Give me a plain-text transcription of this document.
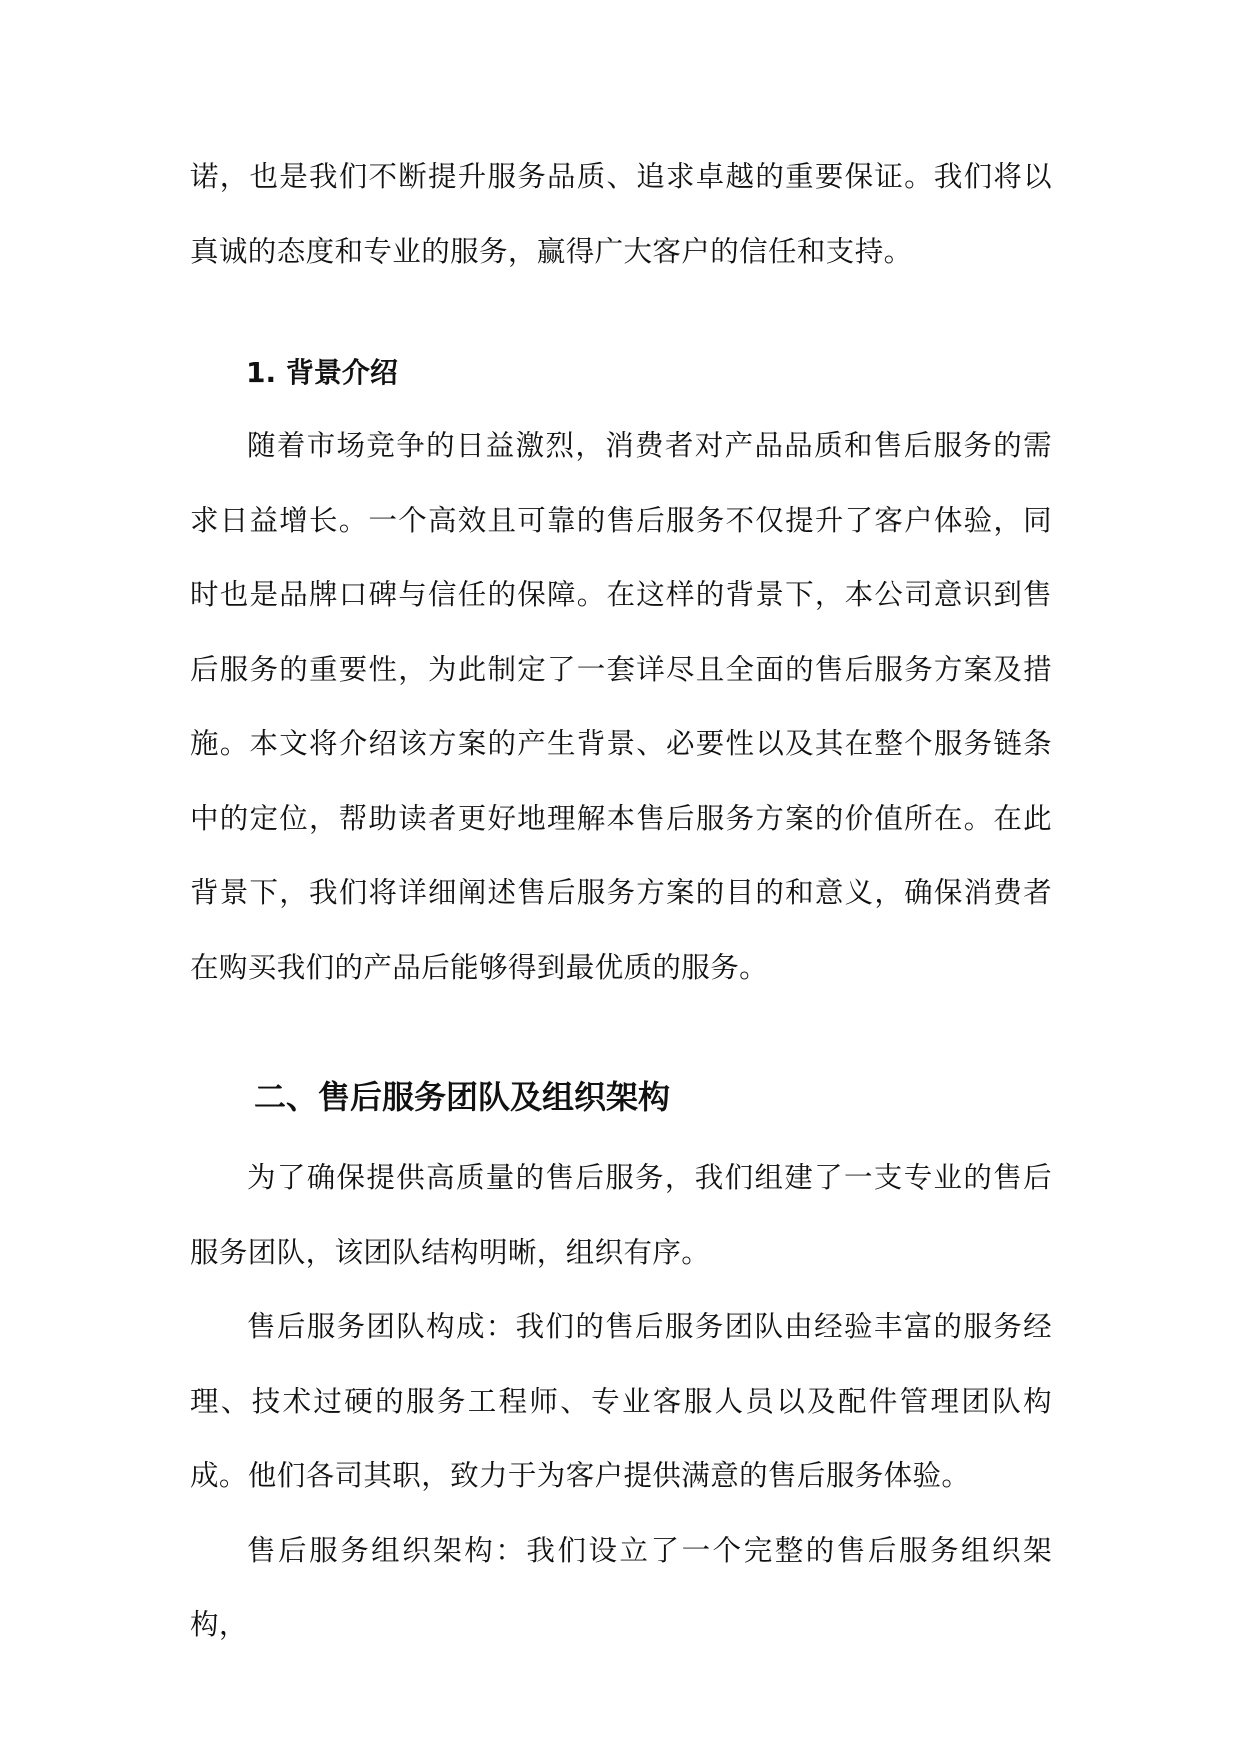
诺，也是我们不断提升服务品质、追求卓越的重要保证。我们将以真诚的态度和专业的服务，赢得广大客户的信任和支持。

1. 背景介绍

随着市场竞争的日益激烈，消费者对产品品质和售后服务的需求日益增长。一个高效且可靠的售后服务不仅提升了客户体验，同时也是品牌口碑与信任的保障。在这样的背景下，本公司意识到售后服务的重要性，为此制定了一套详尽且全面的售后服务方案及措施。本文将介绍该方案的产生背景、必要性以及其在整个服务链条中的定位，帮助读者更好地理解本售后服务方案的价值所在。在此背景下，我们将详细阐述售后服务方案的目的和意义，确保消费者在购买我们的产品后能够得到最优质的服务。

二、售后服务团队及组织架构

为了确保提供高质量的售后服务，我们组建了一支专业的售后服务团队，该团队结构明晰，组织有序。

售后服务团队构成：我们的售后服务团队由经验丰富的服务经理、技术过硬的服务工程师、专业客服人员以及配件管理团队构成。他们各司其职，致力于为客户提供满意的售后服务体验。

售后服务组织架构：我们设立了一个完整的售后服务组织架构，
